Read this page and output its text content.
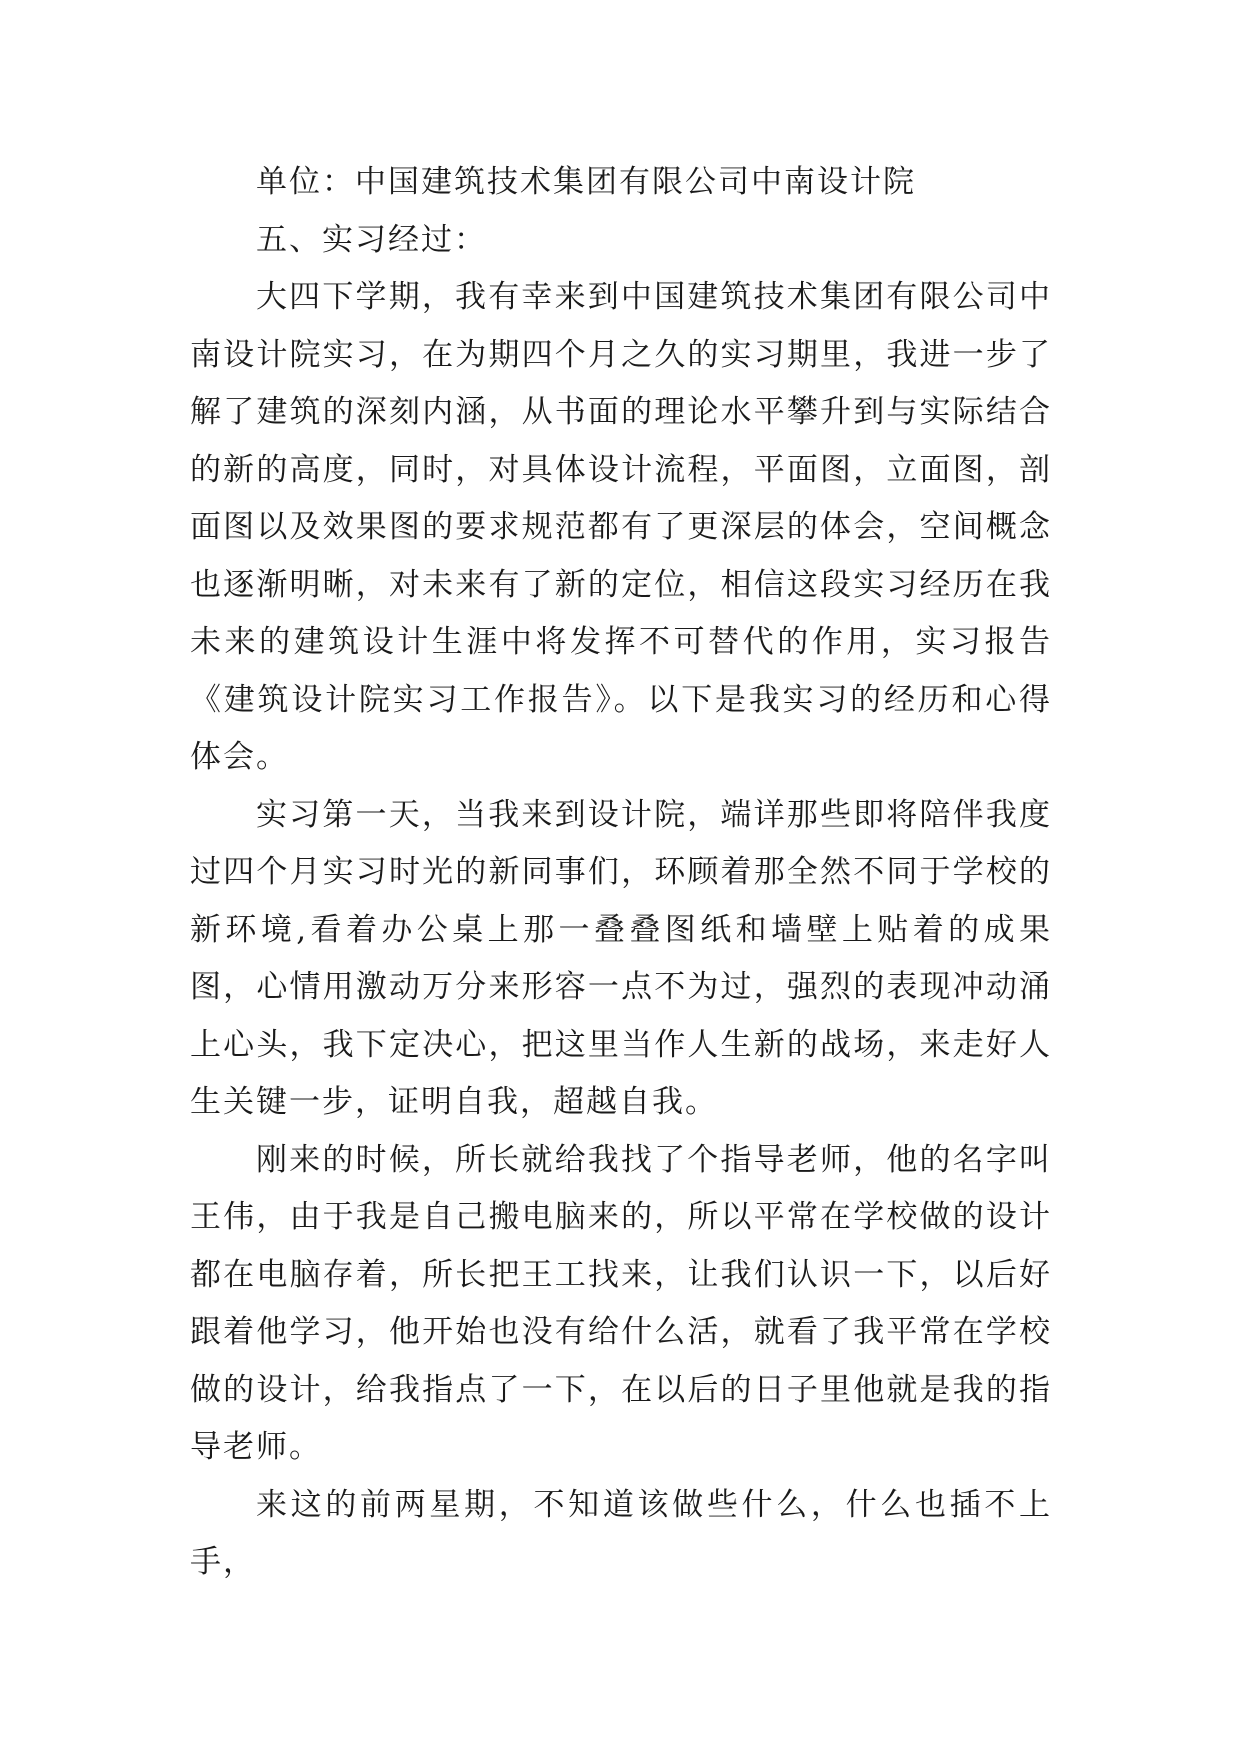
单位：中国建筑技术集团有限公司中南设计院

五、实习经过：

大四下学期，我有幸来到中国建筑技术集团有限公司中南设计院实习，在为期四个月之久的实习期里，我进一步了解了建筑的深刻内涵，从书面的理论水平攀升到与实际结合的新的高度，同时，对具体设计流程，平面图，立面图，剖面图以及效果图的要求规范都有了更深层的体会，空间概念也逐渐明晰，对未来有了新的定位，相信这段实习经历在我未来的建筑设计生涯中将发挥不可替代的作用，实习报告《建筑设计院实习工作报告》。以下是我实习的经历和心得体会。

实习第一天，当我来到设计院，端详那些即将陪伴我度过四个月实习时光的新同事们，环顾着那全然不同于学校的新环境,看着办公桌上那一叠叠图纸和墙壁上贴着的成果图，心情用激动万分来形容一点不为过，强烈的表现冲动涌上心头，我下定决心，把这里当作人生新的战场，来走好人生关键一步，证明自我，超越自我。

刚来的时候，所长就给我找了个指导老师，他的名字叫王伟，由于我是自己搬电脑来的，所以平常在学校做的设计都在电脑存着，所长把王工找来，让我们认识一下，以后好跟着他学习，他开始也没有给什么活，就看了我平常在学校做的设计，给我指点了一下，在以后的日子里他就是我的指导老师。

来这的前两星期，不知道该做些什么，什么也插不上手，
